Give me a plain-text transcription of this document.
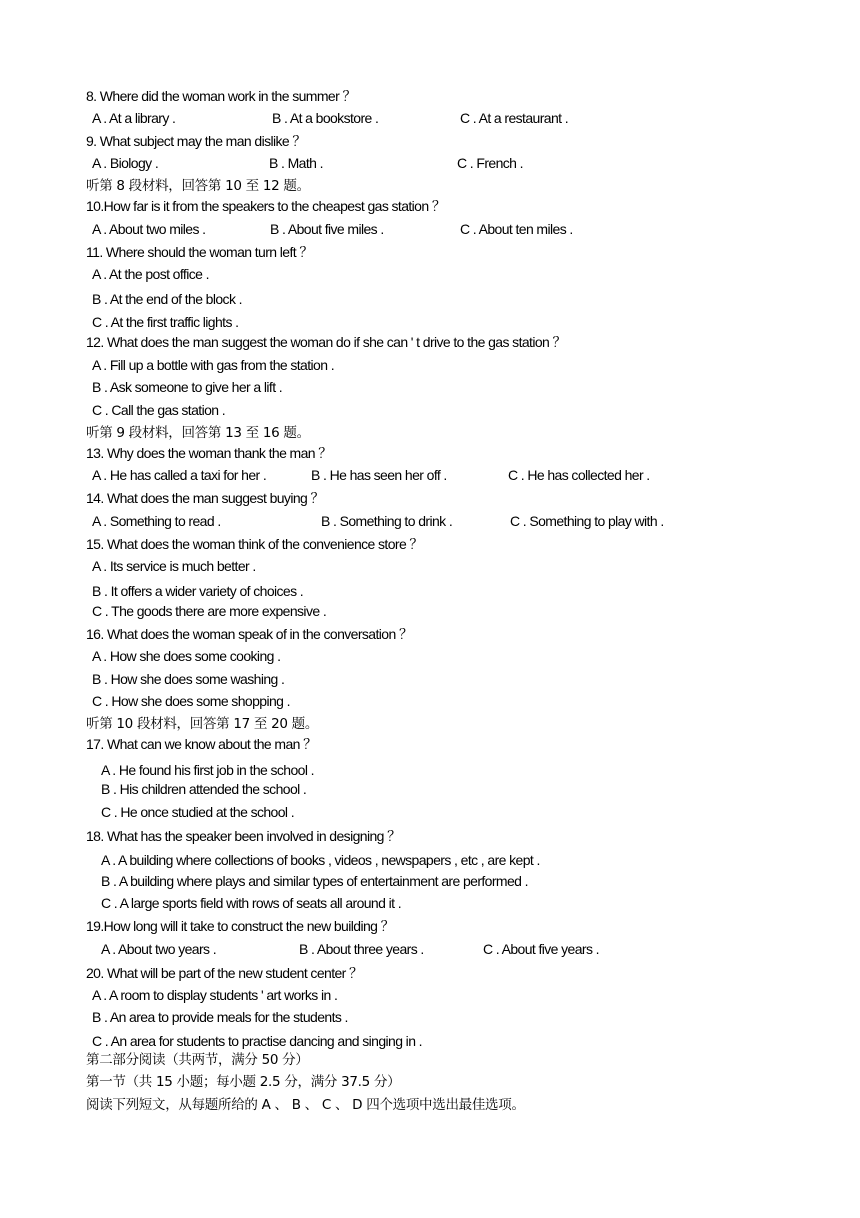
8. Where did the woman work in the summer ？
A . At a library .	B . At a bookstore .	C . At a restaurant .
9. What subject may the man dislike ？
A . Biology .	B . Math .	C . French .
听第 8 段材料，回答第 10 至 12 题。
10.How far is it from the speakers to the cheapest gas station ？
A . About two miles .	B . About five miles .	C . About ten miles .
11. Where should the woman turn left ？
A . At the post office .
B . At the end of the block .
C . At the first traffic lights .
12. What does the man suggest the woman do if she can ' t drive to the gas station ？
A . Fill up a bottle with gas from the station .
B . Ask someone to give her a lift .
C . Call the gas station .
听第 9 段材料，回答第 13 至 16 题。
13. Why does the woman thank the man ？
A . He has called a taxi for her .	B . He has seen her off .	C . He has collected her .
14. What does the man suggest buying ？
A . Something to read .	B . Something to drink .	C . Something to play with .
15. What does the woman think of the convenience store ？
A . Its service is much better .
B . It offers a wider variety of choices .
C . The goods there are more expensive .
16. What does the woman speak of in the conversation ？
A . How she does some cooking .
B . How she does some washing .
C . How she does some shopping .
听第 10 段材料，回答第 17 至 20 题。
17. What can we know about the man ？
A . He found his first job in the school .
B . His children attended the school .
C . He once studied at the school .
18. What has the speaker been involved in designing ？
A . A building where collections of books , videos , newspapers , etc , are kept .
B . A building where plays and similar types of entertainment are performed .
C . A large sports field with rows of seats all around it .
19.How long will it take to construct the new building ？
A . About two years .	B . About three years .	C . About five years .
20. What will be part of the new student center ？
A . A room to display students ' art works in .
B . An area to provide meals for the students .
C . An area for students to practise dancing and singing in .
第二部分阅读（共两节，满分 50 分）
第一节（共 15 小题；每小题 2.5 分，满分 37.5 分）
阅读下列短文，从每题所给的 A 、 B 、 C 、 D 四个选项中选出最佳选项。
